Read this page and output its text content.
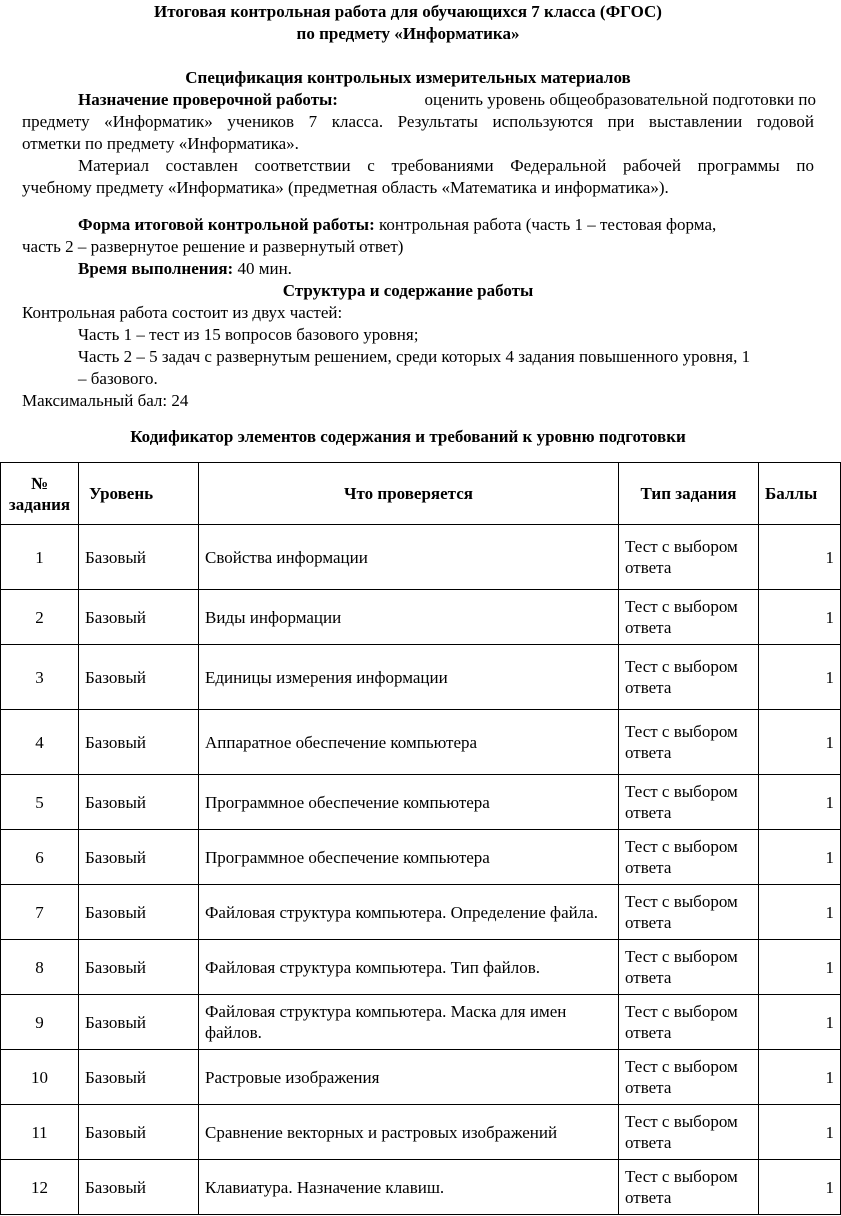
Итоговая контрольная работа для обучающихся 7 класса (ФГОС)
по предмету «Информатика»
Спецификация контрольных измерительных материалов
Назначение проверочной работы:	оценить уровень общеобразовательной подготовки по
предмету «Информатик» учеников 7 класса. Результаты используются при выставлении годовой
отметки по предмету «Информатика».
Материал составлен соответствии с требованиями Федеральной рабочей программы по
учебному предмету «Информатика» (предметная область «Математика и информатика»).
Форма итоговой контрольной работы: контрольная работа (часть 1 – тестовая форма,
часть 2 – развернутое решение и развернутый ответ)
Время выполнения: 40 мин.
Структура и содержание работы
Контрольная работа состоит из двух частей:
Часть 1 – тест из 15 вопросов базового уровня;
Часть 2 – 5 задач с развернутым решением, среди которых 4 задания повышенного уровня, 1
– базового.
Максимальный бал: 24
Кодификатор элементов содержания и требований к уровню подготовки
№
задания	Уровень	Что проверяется	Тип задания	Баллы
1	Базовый	Свойства информации	Тест с выбором ответа	1
2	Базовый	Виды информации	Тест с выбором ответа	1
3	Базовый	Единицы измерения информации	Тест с выбором ответа	1
4	Базовый	Аппаратное обеспечение компьютера	Тест с выбором ответа	1
5	Базовый	Программное обеспечение компьютера	Тест с выбором ответа	1
6	Базовый	Программное обеспечение компьютера	Тест с выбором ответа	1
7	Базовый	Файловая структура компьютера. Определение файла.	Тест с выбором ответа	1
8	Базовый	Файловая структура компьютера. Тип файлов.	Тест с выбором ответа	1
9	Базовый	Файловая структура компьютера. Маска для имен файлов.	Тест с выбором ответа	1
10	Базовый	Растровые изображения	Тест с выбором ответа	1
11	Базовый	Сравнение векторных и растровых изображений	Тест с выбором ответа	1
12	Базовый	Клавиатура. Назначение клавиш.	Тест с выбором ответа	1
